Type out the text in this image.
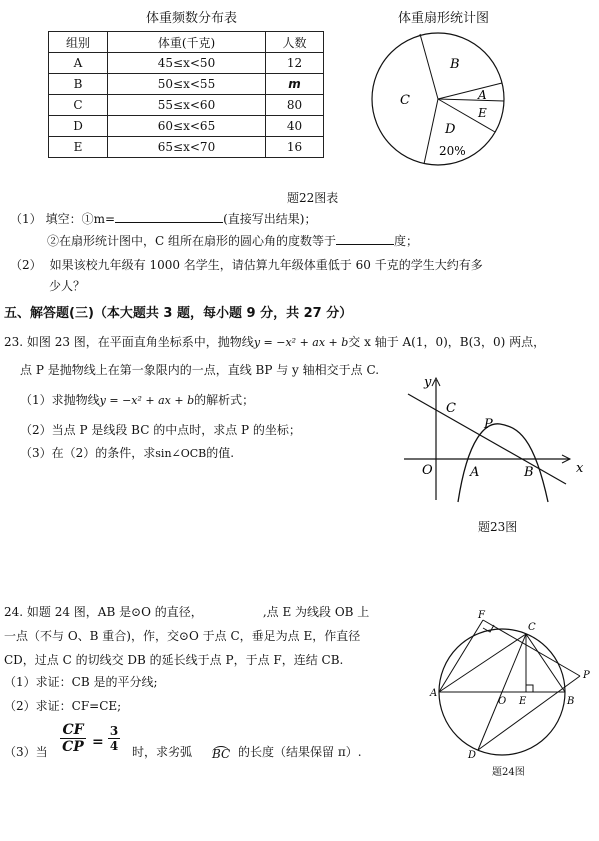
体重频数分布表
组别	体重(千克)	人数
A	45≤x<50	12
B	50≤x<55	m
C	55≤x<60	80
D	60≤x<65	40
E	65≤x<70	16
体重扇形统计图
B
A
E
C
D
20%
题22图表
（1） 填空：①m=	(直接写出结果)；
②在扇形统计图中，C 组所在扇形的圆心角的度数等于	度；
（2） 如果该校九年级有 1000 名学生，请估算九年级体重低于 60 千克的学生大约有多
少人？
五、解答题(三)（本大题共 3 题，每小题 9 分，共 27 分）
23. 如图 23 图，在平面直角坐标系中，抛物线y = −x² + ax + b交 x 轴于 A(1，0)，B(3，0) 两点，
点 P 是抛物线上在第一象限内的一点，直线 BP 与 y 轴相交于点 C.
（1）求抛物线y = −x² + ax + b的解析式；
（2）当点 P 是线段 BC 的中点时，求点 P 的坐标；
（3）在（2）的条件，求sin∠OCB的值.
y
x
C
P
O	A	B
题23图
24. 如题 24 图，AB 是⊙O 的直径，	,点 E 为线段 OB 上
一点（不与 O、B 重合)，作，交⊙O 于点 C，垂足为点 E，作直径
CD，过点 C 的切线交 DB 的延长线于点 P，于点 F，连结 CB.
（1）求证：CB 是的平分线;
（2）求证：CF=CE;
（3）当 $\frac{CF}{CP} = \frac{3}{4}$ 时，求劣弧 BC 的长度（结果保留 π）.
F
C
P
A
O E	B
D
题24图
